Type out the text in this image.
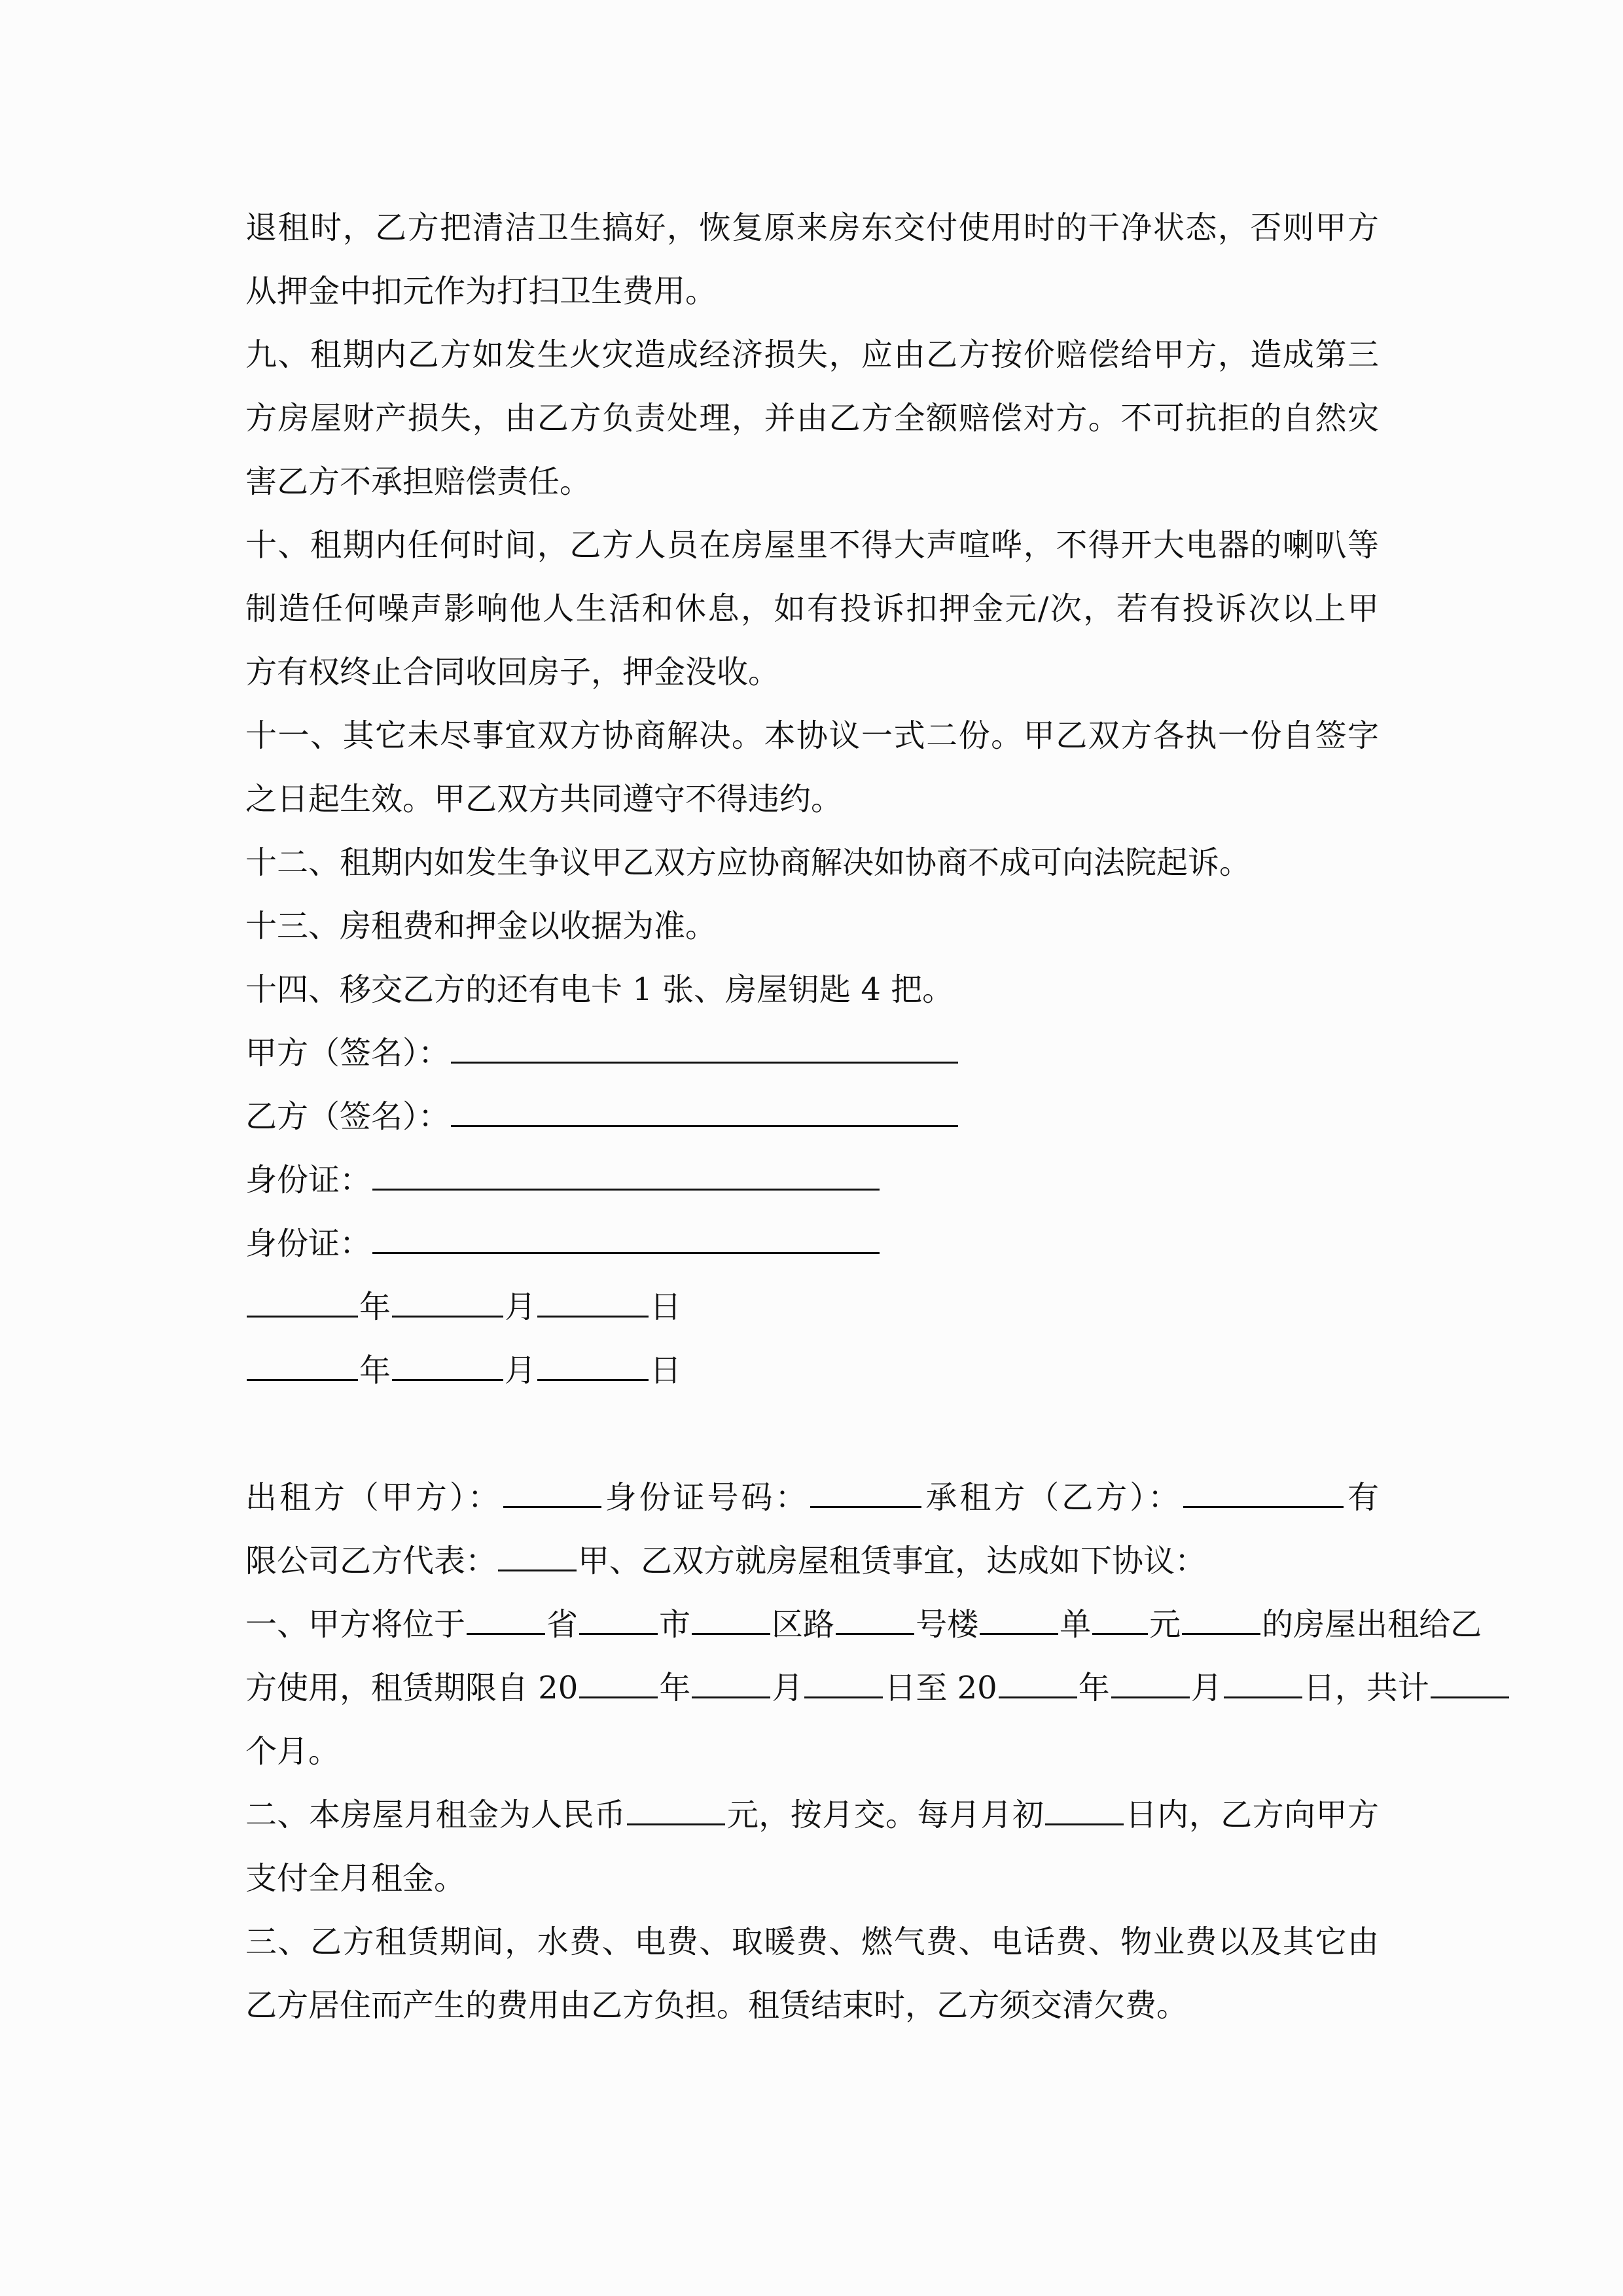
退租时，乙方把清洁卫生搞好，恢复原来房东交付使用时的干净状态，否则甲方
从押金中扣元作为打扫卫生费用。
九、租期内乙方如发生火灾造成经济损失，应由乙方按价赔偿给甲方，造成第三
方房屋财产损失，由乙方负责处理，并由乙方全额赔偿对方。不可抗拒的自然灾
害乙方不承担赔偿责任。
十、租期内任何时间，乙方人员在房屋里不得大声喧哗，不得开大电器的喇叭等
制造任何噪声影响他人生活和休息，如有投诉扣押金元/次，若有投诉次以上甲
方有权终止合同收回房子，押金没收。
十一、其它未尽事宜双方协商解决。本协议一式二份。甲乙双方各执一份自签字
之日起生效。甲乙双方共同遵守不得违约。
十二、租期内如发生争议甲乙双方应协商解决如协商不成可向法院起诉。
十三、房租费和押金以收据为准。
十四、移交乙方的还有电卡 1 张、房屋钥匙 4 把。
甲方（签名）：
乙方（签名）：
身份证：
身份证：
年	月	日
年	月	日
出租方（甲方）：	身份证号码：	承租方（乙方）：	有
限公司乙方代表：	甲、乙双方就房屋租赁事宜，达成如下协议：
一、甲方将位于	省	市	区路	号楼	单 元	的房屋出租给乙
方使用，租赁期限自 20	年	月	日至 20	年	月	日，共计
个月。
二、本房屋月租金为人民币	元，按月交。每月月初	日内，乙方向甲方
支付全月租金。
三、乙方租赁期间，水费、电费、取暖费、燃气费、电话费、物业费以及其它由
乙方居住而产生的费用由乙方负担。租赁结束时，乙方须交清欠费。
